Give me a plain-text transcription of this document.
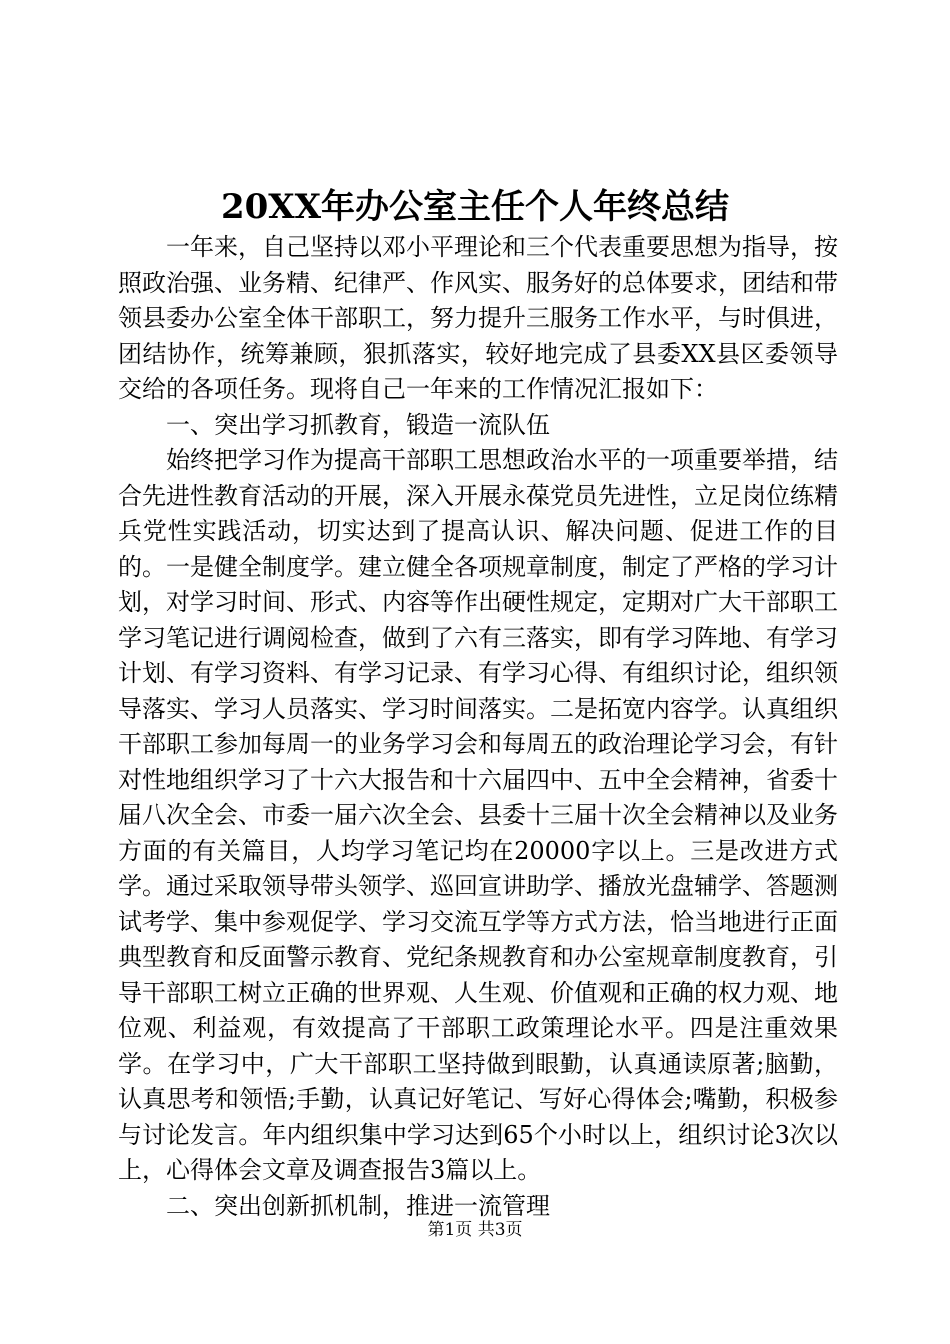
20XX年办公室主任个人年终总结

一年来，自己坚持以邓小平理论和三个代表重要思想为指导，按照政治强、业务精、纪律严、作风实、服务好的总体要求，团结和带领县委办公室全体干部职工，努力提升三服务工作水平，与时俱进，团结协作，统筹兼顾，狠抓落实，较好地完成了县委XX县区委领导交给的各项任务。现将自己一年来的工作情况汇报如下：

一、突出学习抓教育，锻造一流队伍

始终把学习作为提高干部职工思想政治水平的一项重要举措，结合先进性教育活动的开展，深入开展永葆党员先进性，立足岗位练精兵党性实践活动，切实达到了提高认识、解决问题、促进工作的目的。一是健全制度学。建立健全各项规章制度，制定了严格的学习计划，对学习时间、形式、内容等作出硬性规定，定期对广大干部职工学习笔记进行调阅检查，做到了六有三落实，即有学习阵地、有学习计划、有学习资料、有学习记录、有学习心得、有组织讨论，组织领导落实、学习人员落实、学习时间落实。二是拓宽内容学。认真组织干部职工参加每周一的业务学习会和每周五的政治理论学习会，有针对性地组织学习了十六大报告和十六届四中、五中全会精神，省委十届八次全会、市委一届六次全会、县委十三届十次全会精神以及业务方面的有关篇目，人均学习笔记均在20000字以上。三是改进方式学。通过采取领导带头领学、巡回宣讲助学、播放光盘辅学、答题测试考学、集中参观促学、学习交流互学等方式方法，恰当地进行正面典型教育和反面警示教育、党纪条规教育和办公室规章制度教育，引导干部职工树立正确的世界观、人生观、价值观和正确的权力观、地位观、利益观，有效提高了干部职工政策理论水平。四是注重效果学。在学习中，广大干部职工坚持做到眼勤，认真通读原著;脑勤，认真思考和领悟;手勤，认真记好笔记、写好心得体会;嘴勤，积极参与讨论发言。年内组织集中学习达到65个小时以上，组织讨论3次以上，心得体会文章及调查报告3篇以上。

二、突出创新抓机制，推进一流管理

第1页 共3页
